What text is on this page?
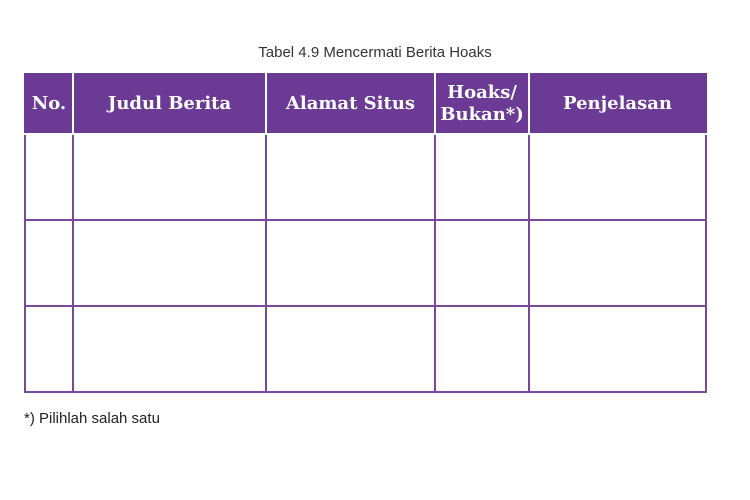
Tabel 4.9 Mencermati Berita Hoaks
No.	Judul Berita	Alamat Situs	Hoaks/ Bukan*)	Penjelasan

*) Pilihlah salah satu
